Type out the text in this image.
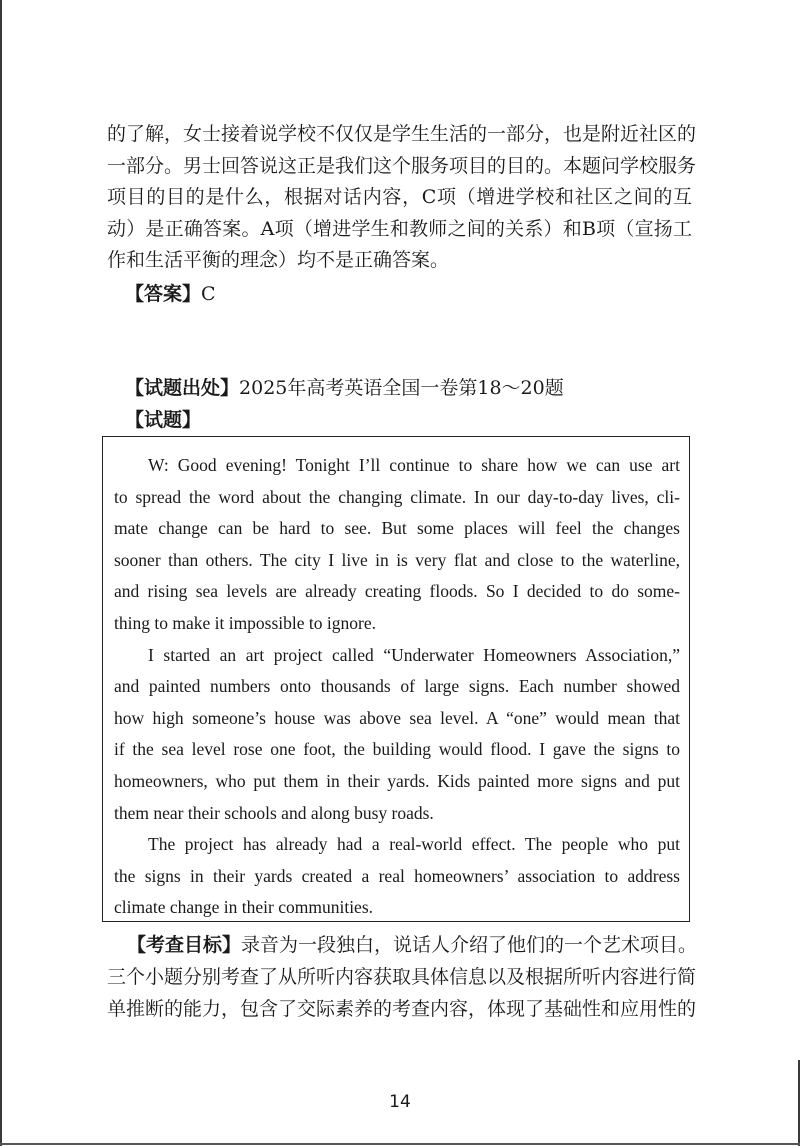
的了解，女士接着说学校不仅仅是学生生活的一部分，也是附近社区的
一部分。男士回答说这正是我们这个服务项目的目的。本题问学校服务
项目的目的是什么，根据对话内容，C项（增进学校和社区之间的互
动）是正确答案。A项（增进学生和教师之间的关系）和B项（宣扬工
作和生活平衡的理念）均不是正确答案。
【答案】C
【试题出处】2025年高考英语全国一卷第18～20题
【试题】
W: Good evening! Tonight I’ll continue to share how we can use art
to spread the word about the changing climate. In our day-to-day lives, cli-
mate change can be hard to see. But some places will feel the changes
sooner than others. The city I live in is very flat and close to the waterline,
and rising sea levels are already creating floods. So I decided to do some-
thing to make it impossible to ignore.
I started an art project called “Underwater Homeowners Association,”
and painted numbers onto thousands of large signs. Each number showed
how high someone’s house was above sea level. A “one” would mean that
if the sea level rose one foot, the building would flood. I gave the signs to
homeowners, who put them in their yards. Kids painted more signs and put
them near their schools and along busy roads.
The project has already had a real-world effect. The people who put
the signs in their yards created a real homeowners’ association to address
climate change in their communities.
【考查目标】录音为一段独白，说话人介绍了他们的一个艺术项目。
三个小题分别考查了从所听内容获取具体信息以及根据所听内容进行简
单推断的能力，包含了交际素养的考查内容，体现了基础性和应用性的
14
